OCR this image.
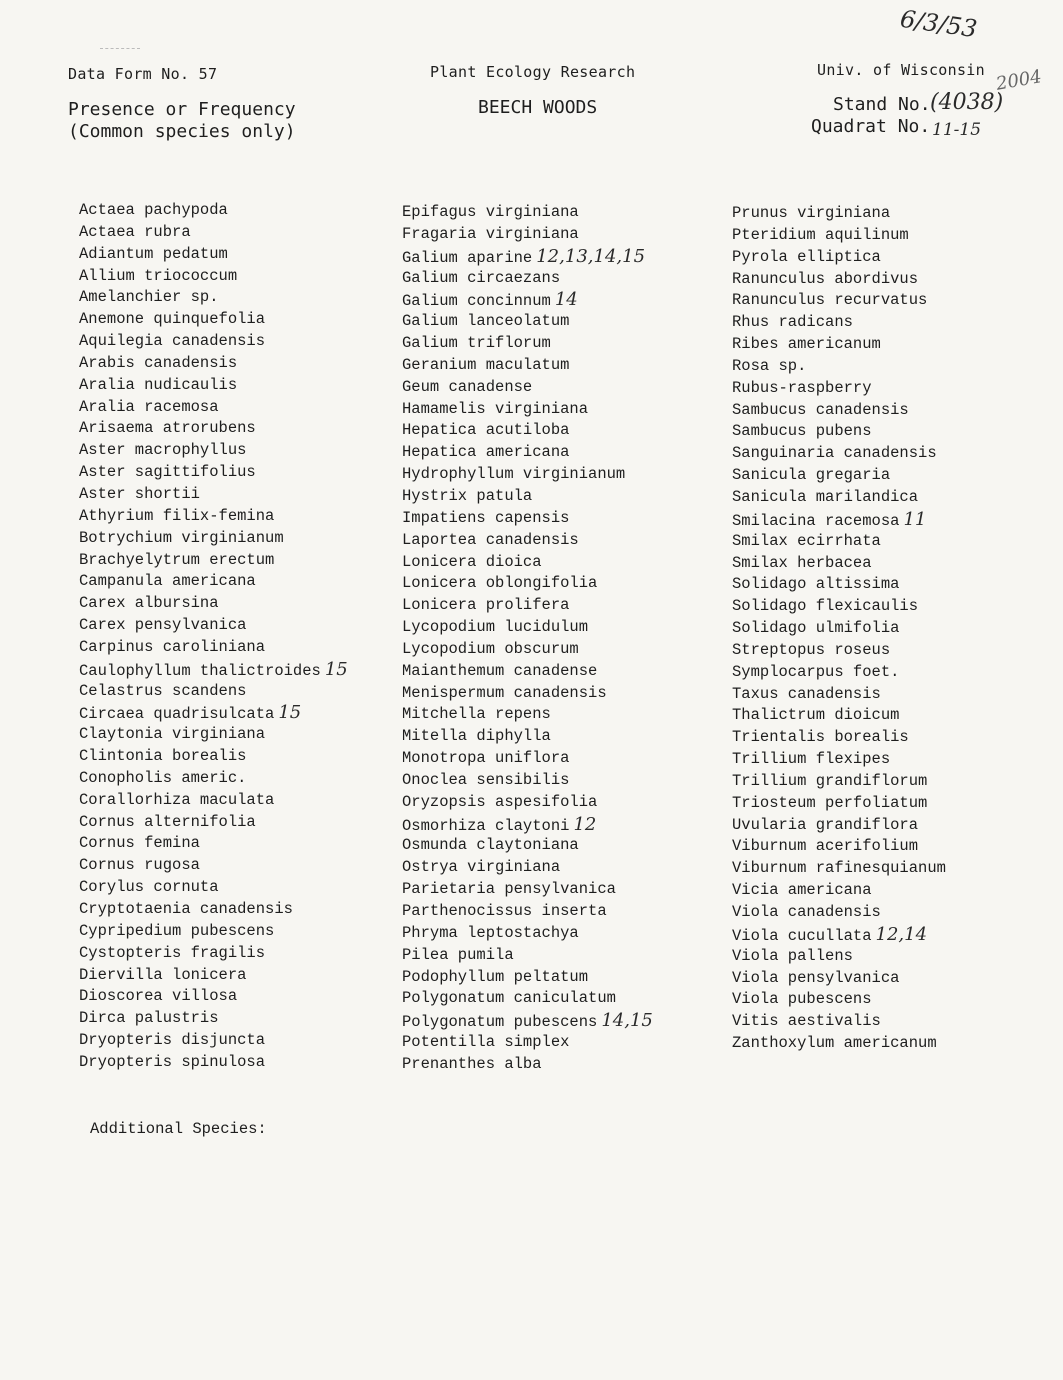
Data Form No. 57	Plant Ecology Research	Univ. of Wisconsin
Presence or Frequency
(Common species only)
BEECH WOODS	Stand No.
Quadrat No.
6/3/53
(4038)
2004
11-15
Actaea pachypoda
Actaea rubra
Adiantum pedatum
Allium triococcum
Amelanchier sp.
Anemone quinquefolia
Aquilegia canadensis
Arabis canadensis
Aralia nudicaulis
Aralia racemosa
Arisaema atrorubens
Aster macrophyllus
Aster sagittifolius
Aster shortii
Athyrium filix-femina
Botrychium virginianum
Brachyelytrum erectum
Campanula americana
Carex albursina
Carex pensylvanica
Carpinus caroliniana
Caulophyllum thalictroides 15
Celastrus scandens
Circaea quadrisulcata 15
Claytonia virginiana
Clintonia borealis
Conopholis americ.
Corallorhiza maculata
Cornus alternifolia
Cornus femina
Cornus rugosa
Corylus cornuta
Cryptotaenia canadensis
Cypripedium pubescens
Cystopteris fragilis
Diervilla lonicera
Dioscorea villosa
Dirca palustris
Dryopteris disjuncta
Dryopteris spinulosa
Epifagus virginiana
Fragaria virginiana
Galium aparine 12,13,14,15
Galium circaezans
Galium concinnum 14
Galium lanceolatum
Galium triflorum
Geranium maculatum
Geum canadense
Hamamelis virginiana
Hepatica acutiloba
Hepatica americana
Hydrophyllum virginianum
Hystrix patula
Impatiens capensis
Laportea canadensis
Lonicera dioica
Lonicera oblongifolia
Lonicera prolifera
Lycopodium lucidulum
Lycopodium obscurum
Maianthemum canadense
Menispermum canadensis
Mitchella repens
Mitella diphylla
Monotropa uniflora
Onoclea sensibilis
Oryzopsis aspesifolia
Osmorhiza claytoni 12
Osmunda claytoniana
Ostrya virginiana
Parietaria pensylvanica
Parthenocissus inserta
Phryma leptostachya
Pilea pumila
Podophyllum peltatum
Polygonatum caniculatum
Polygonatum pubescens 14,15
Potentilla simplex
Prenanthes alba
Prunus virginiana
Pteridium aquilinum
Pyrola elliptica
Ranunculus abordivus
Ranunculus recurvatus
Rhus radicans
Ribes americanum
Rosa sp.
Rubus-raspberry
Sambucus canadensis
Sambucus pubens
Sanguinaria canadensis
Sanicula gregaria
Sanicula marilandica
Smilacina racemosa 11
Smilax ecirrhata
Smilax herbacea
Solidago altissima
Solidago flexicaulis
Solidago ulmifolia
Streptopus roseus
Symplocarpus foet.
Taxus canadensis
Thalictrum dioicum
Trientalis borealis
Trillium flexipes
Trillium grandiflorum
Triosteum perfoliatum
Uvularia grandiflora
Viburnum acerifolium
Viburnum rafinesquianum
Vicia americana
Viola canadensis
Viola cucullata 12,14
Viola pallens
Viola pensylvanica
Viola pubescens
Vitis aestivalis
Zanthoxylum americanum
Additional Species:
